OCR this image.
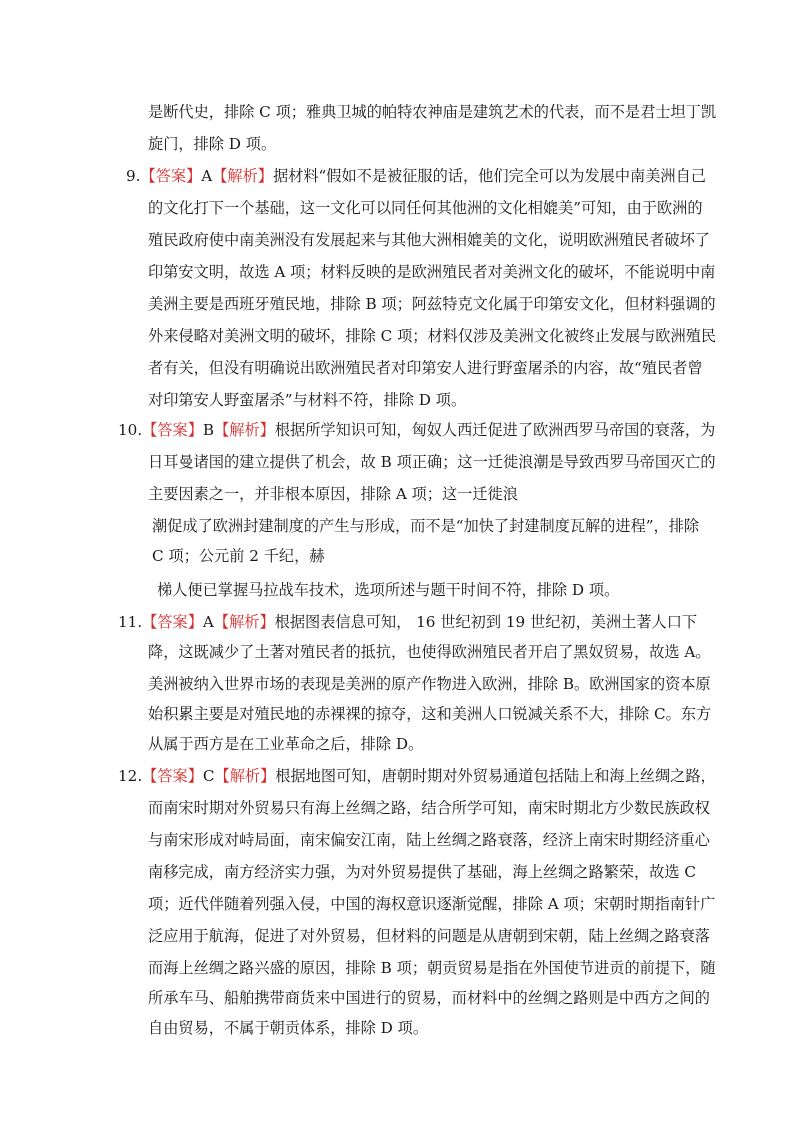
是断代史，排除 C 项；雅典卫城的帕特农神庙是建筑艺术的代表，而不是君士坦丁凯
旋门，排除 D 项。
9.【答案】A【解析】据材料“假如不是被征服的话，他们完全可以为发展中南美洲自己
的文化打下一个基础，这一文化可以同任何其他洲的文化相媲美”可知，由于欧洲的
殖民政府使中南美洲没有发展起来与其他大洲相媲美的文化，说明欧洲殖民者破坏了
印第安文明，故选 A 项；材料反映的是欧洲殖民者对美洲文化的破坏，不能说明中南
美洲主要是西班牙殖民地，排除 B 项；阿兹特克文化属于印第安文化，但材料强调的
外来侵略对美洲文明的破坏，排除 C 项；材料仅涉及美洲文化被终止发展与欧洲殖民
者有关，但没有明确说出欧洲殖民者对印第安人进行野蛮屠杀的内容，故“殖民者曾
对印第安人野蛮屠杀”与材料不符，排除 D 项。
10.【答案】B【解析】根据所学知识可知，匈奴人西迁促进了欧洲西罗马帝国的衰落，为
日耳曼诸国的建立提供了机会，故 B 项正确；这一迁徙浪潮是导致西罗马帝国灭亡的
主要因素之一，并非根本原因，排除 A 项；这一迁徙浪
潮促成了欧洲封建制度的产生与形成，而不是“加快了封建制度瓦解的进程”，排除
C 项；公元前 2 千纪，赫
梯人便已掌握马拉战车技术，选项所述与题干时间不符，排除 D 项。
11.【答案】A【解析】根据图表信息可知， 16 世纪初到 19 世纪初，美洲土著人口下
降，这既减少了土著对殖民者的抵抗，也使得欧洲殖民者开启了黑奴贸易，故选 A。
美洲被纳入世界市场的表现是美洲的原产作物进入欧洲，排除 B。欧洲国家的资本原
始积累主要是对殖民地的赤裸裸的掠夺，这和美洲人口锐减关系不大，排除 C。东方
从属于西方是在工业革命之后，排除 D。
12.【答案】C【解析】根据地图可知，唐朝时期对外贸易通道包括陆上和海上丝绸之路，
而南宋时期对外贸易只有海上丝绸之路，结合所学可知，南宋时期北方少数民族政权
与南宋形成对峙局面，南宋偏安江南，陆上丝绸之路衰落，经济上南宋时期经济重心
南移完成，南方经济实力强，为对外贸易提供了基础，海上丝绸之路繁荣，故选 C
项；近代伴随着列强入侵，中国的海权意识逐渐觉醒，排除 A 项；宋朝时期指南针广
泛应用于航海，促进了对外贸易，但材料的问题是从唐朝到宋朝，陆上丝绸之路衰落
而海上丝绸之路兴盛的原因，排除 B 项；朝贡贸易是指在外国使节进贡的前提下，随
所承车马、船舶携带商货来中国进行的贸易，而材料中的丝绸之路则是中西方之间的
自由贸易，不属于朝贡体系，排除 D 项。
